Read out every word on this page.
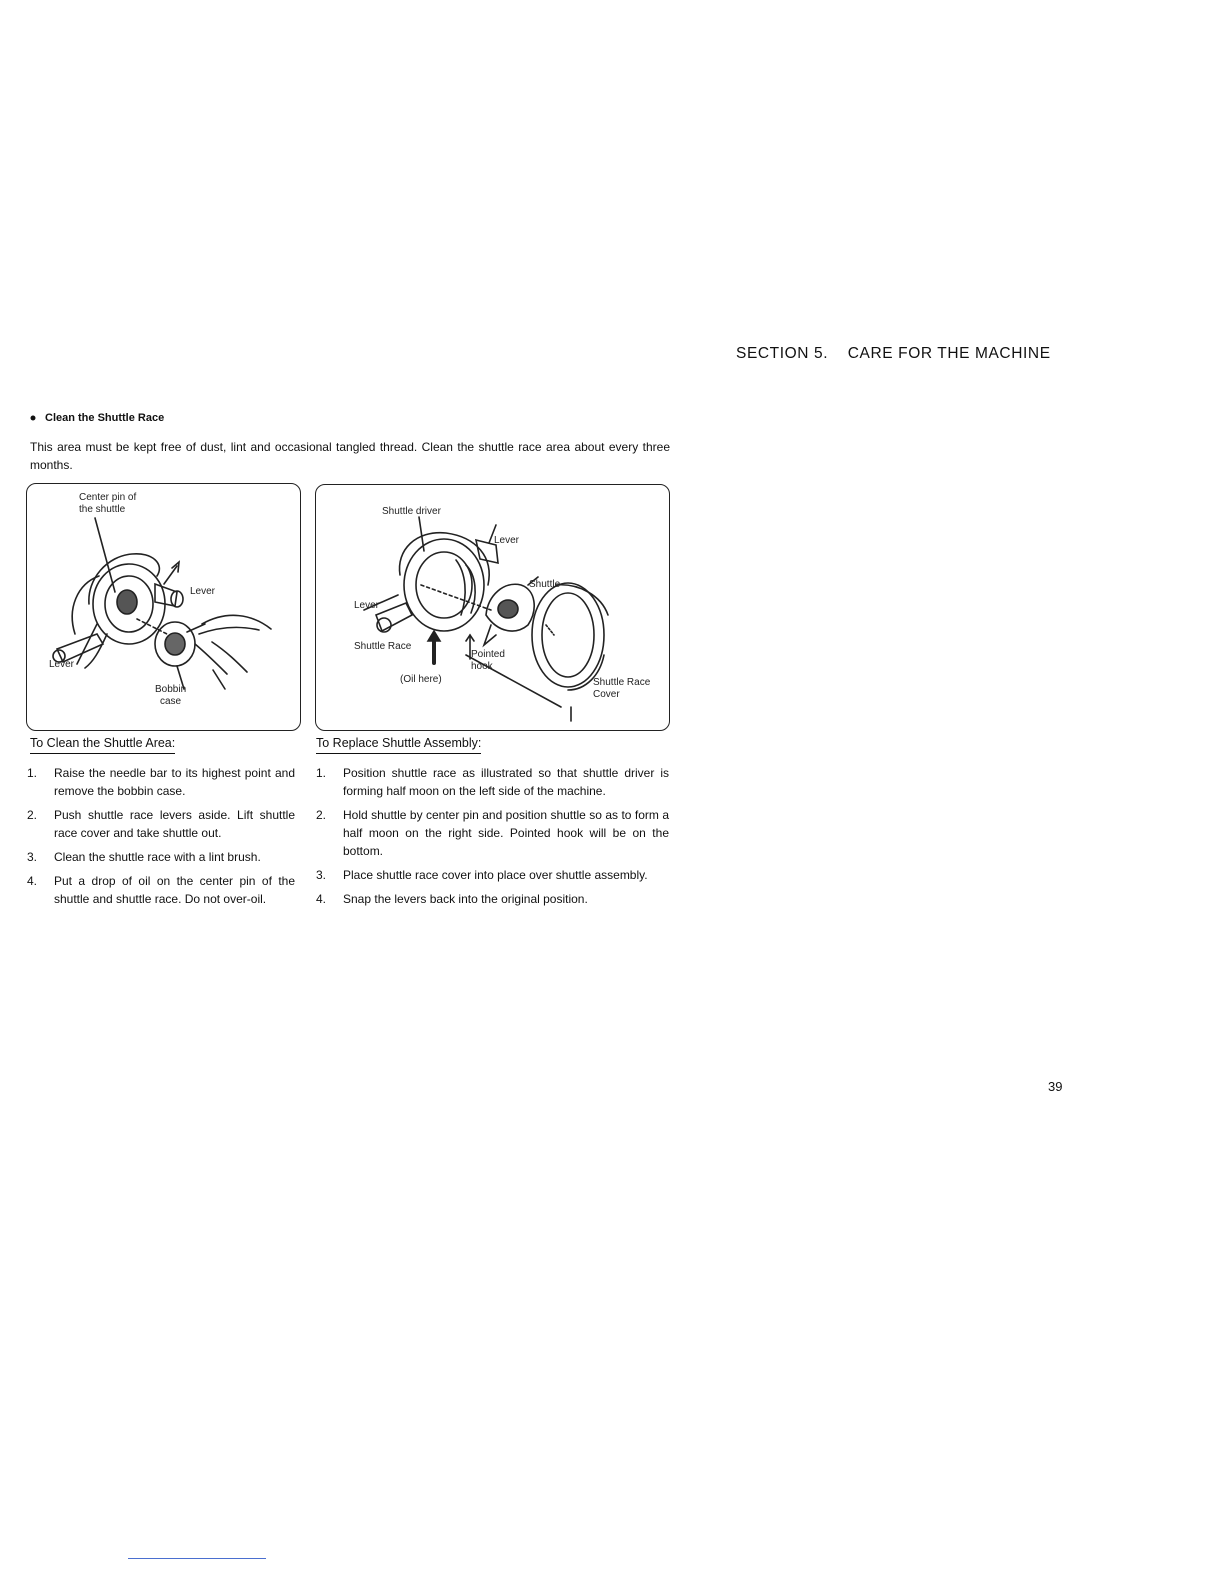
SECTION 5.    CARE FOR THE MACHINE
Clean the Shuttle Race
This area must be kept free of dust, lint and occasional tangled thread. Clean the shuttle race area about every three months.
Center pin of
the shuttle
Lever
Lever
Bobbin
case
Shuttle driver
Lever
Shuttle
Lever
Shuttle Race
Pointed
hook
(Oil here)	Shuttle Race
Cover
To Clean the Shuttle Area:
1. Raise the needle bar to its highest point and remove the bobbin case.
2. Push shuttle race levers aside. Lift shuttle race cover and take shuttle out.
3. Clean the shuttle race with a lint brush.
4. Put a drop of oil on the center pin of the shuttle and shuttle race. Do not over-oil.
To Replace Shuttle Assembly:
1. Position shuttle race as illustrated so that shuttle driver is forming half moon on the left side of the machine.
2. Hold shuttle by center pin and position shuttle so as to form a half moon on the right side. Pointed hook will be on the bottom.
3. Place shuttle race cover into place over shuttle assembly.
4. Snap the levers back into the original position.
39
